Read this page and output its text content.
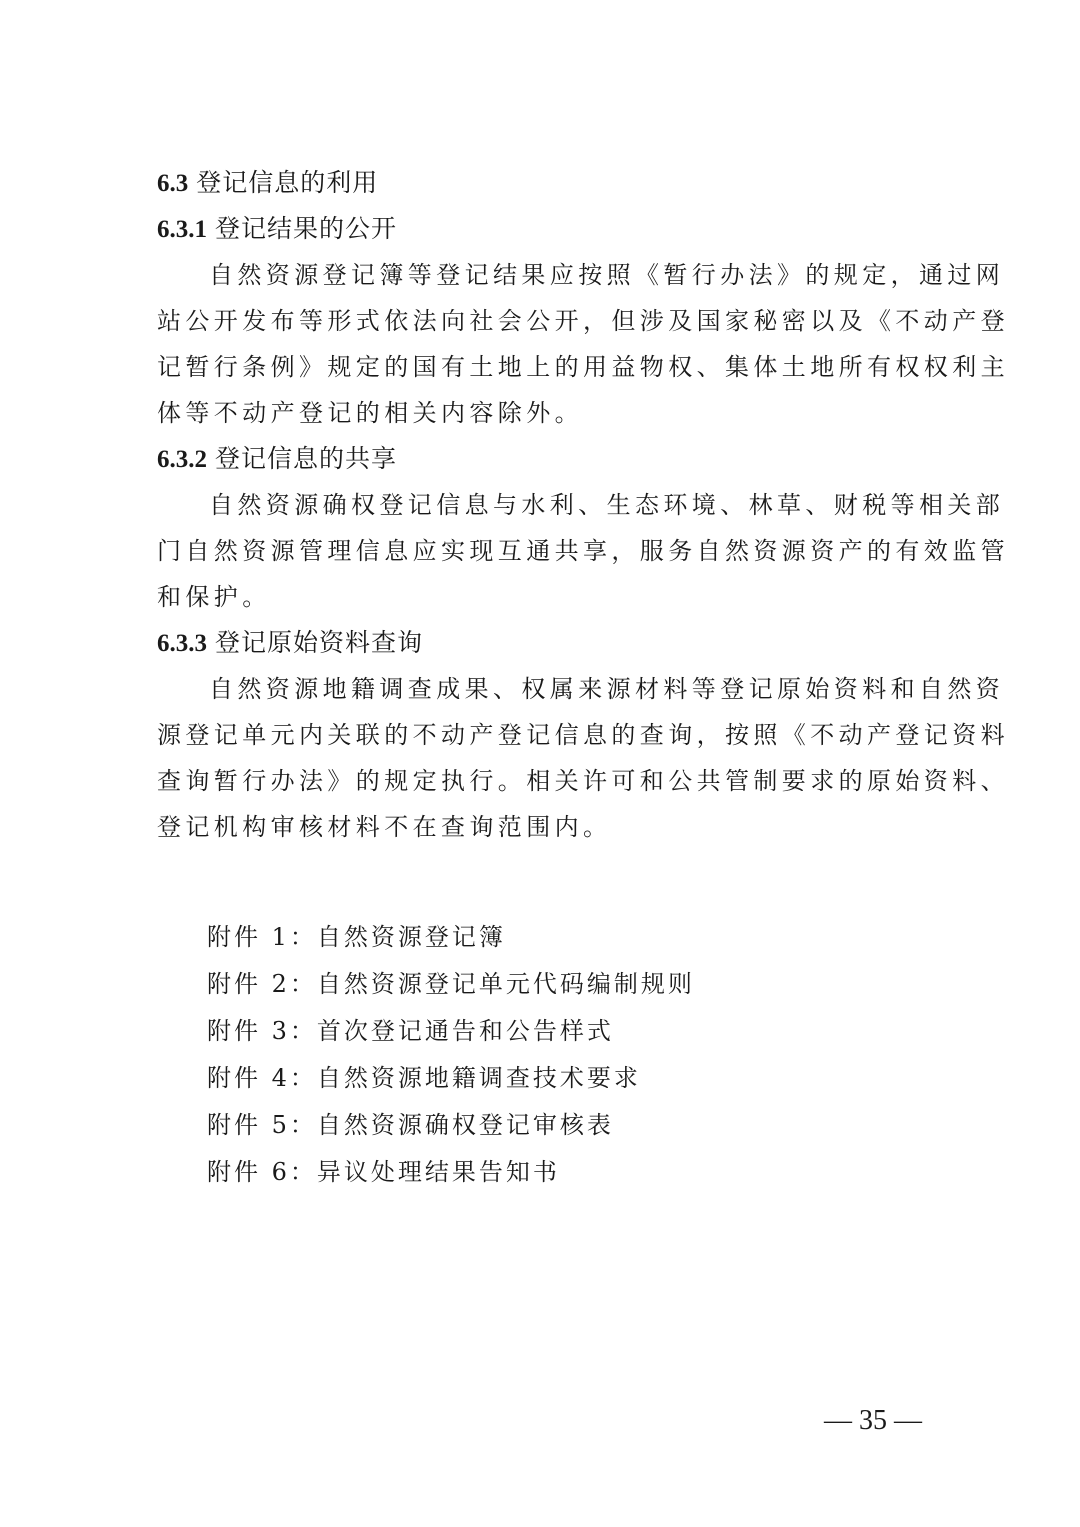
6.3 登记信息的利用
6.3.1 登记结果的公开

自然资源登记簿等登记结果应按照《暂行办法》的规定，通过网
站公开发布等形式依法向社会公开，但涉及国家秘密以及《不动产登
记暂行条例》规定的国有土地上的用益物权、集体土地所有权权利主
体等不动产登记的相关内容除外。

6.3.2 登记信息的共享

自然资源确权登记信息与水利、生态环境、林草、财税等相关部
门自然资源管理信息应实现互通共享，服务自然资源资产的有效监管
和保护。

6.3.3 登记原始资料查询

自然资源地籍调查成果、权属来源材料等登记原始资料和自然资
源登记单元内关联的不动产登记信息的查询，按照《不动产登记资料
查询暂行办法》的规定执行。相关许可和公共管制要求的原始资料、
登记机构审核材料不在查询范围内。

附件 1：自然资源登记簿
附件 2：自然资源登记单元代码编制规则
附件 3：首次登记通告和公告样式
附件 4：自然资源地籍调查技术要求
附件 5：自然资源确权登记审核表
附件 6：异议处理结果告知书
— 35 —
